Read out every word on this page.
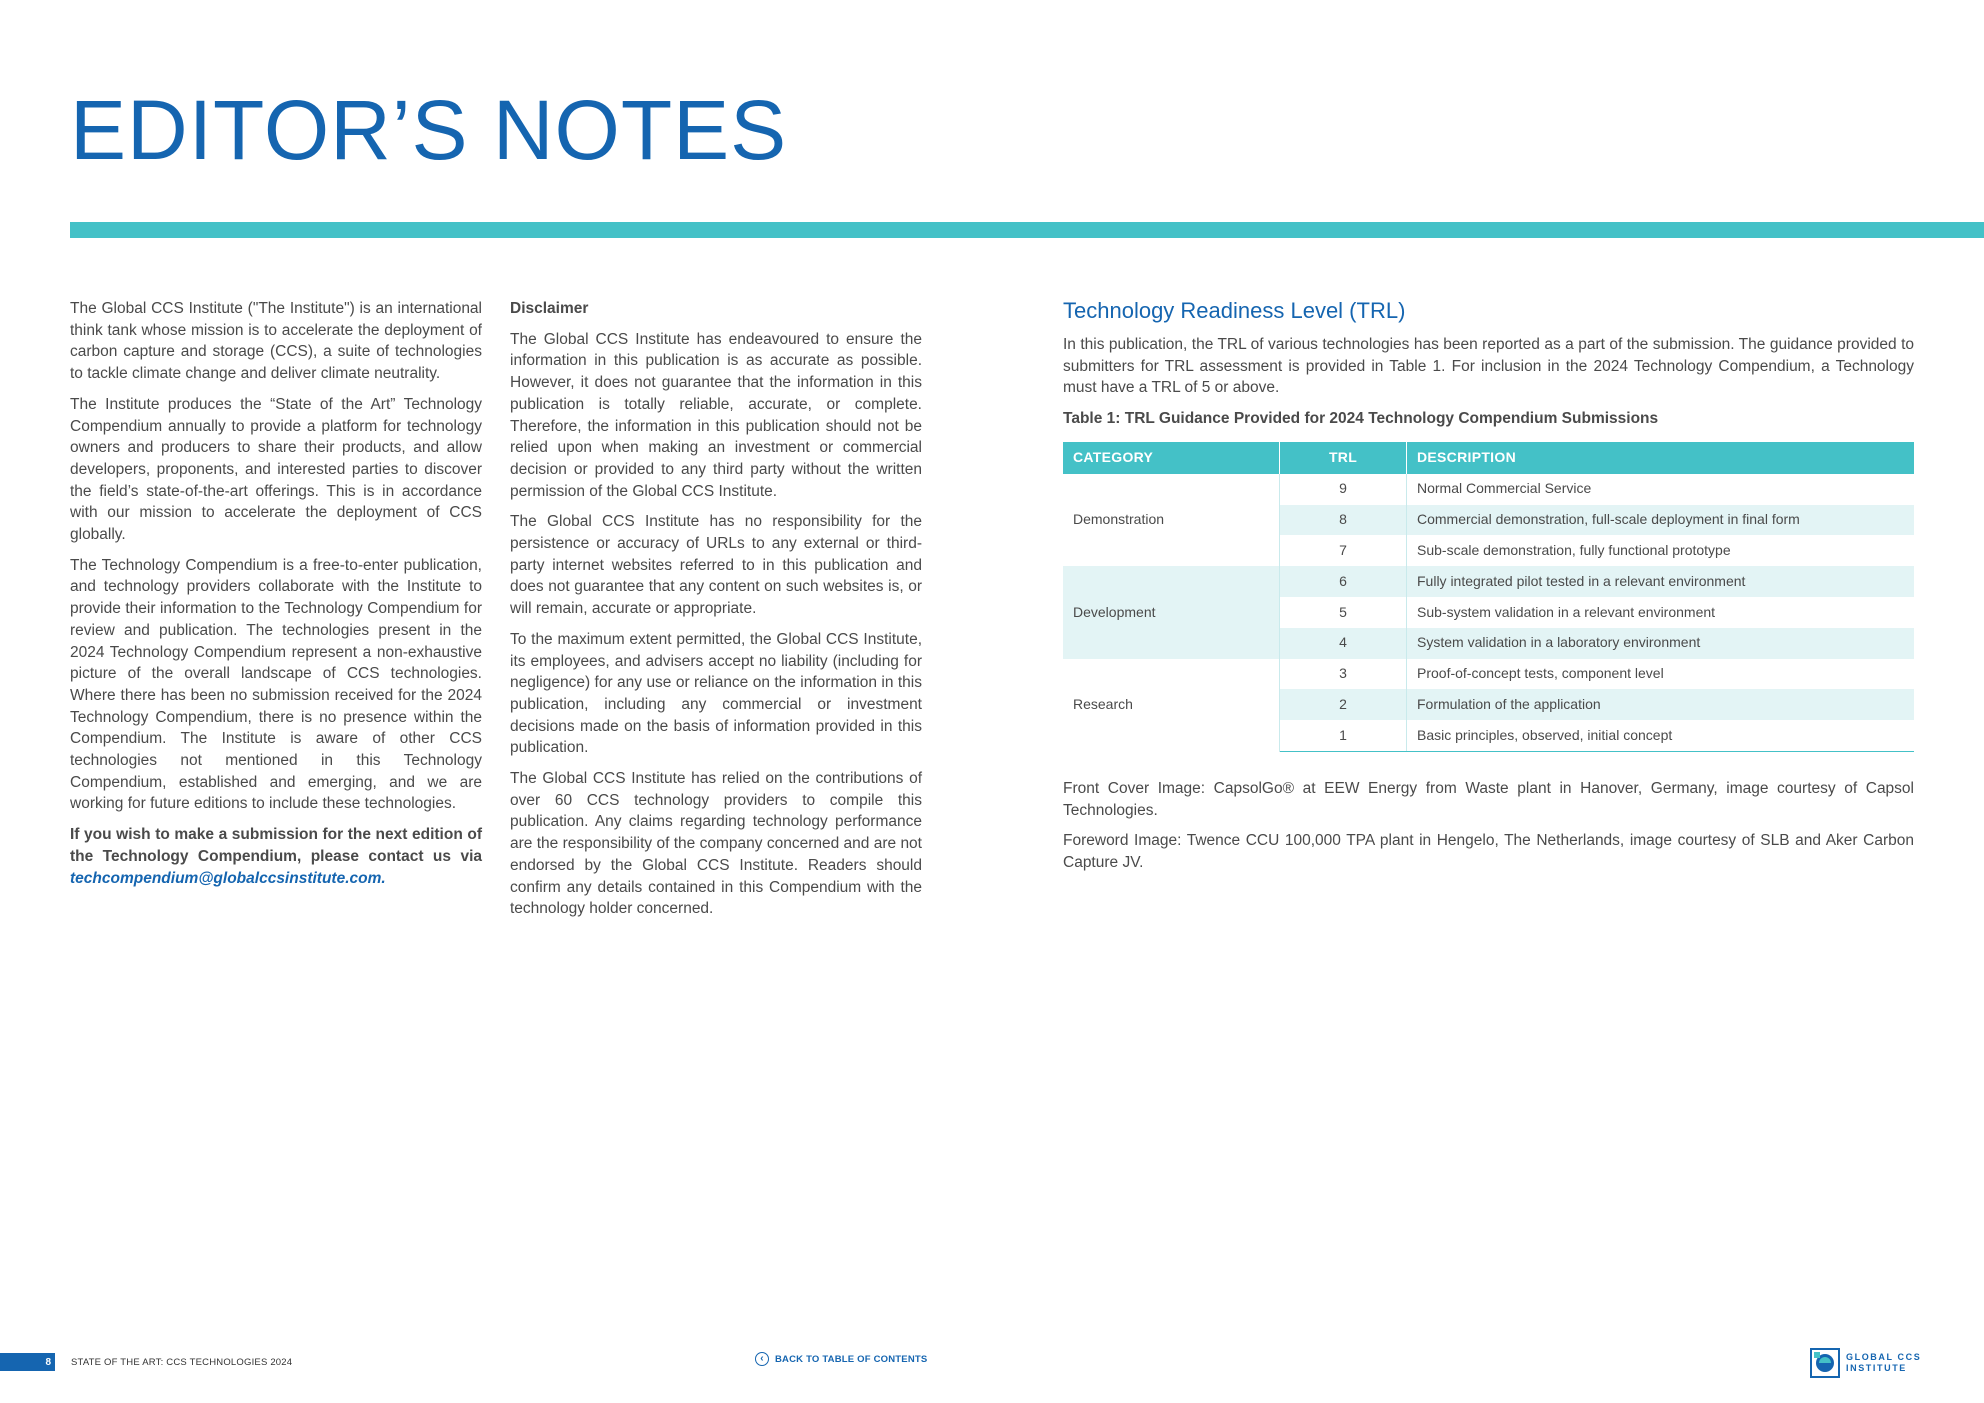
EDITOR’S NOTES

The Global CCS Institute ("The Institute") is an international think tank whose mission is to accelerate the deployment of carbon capture and storage (CCS), a suite of technologies to tackle climate change and deliver climate neutrality.

The Institute produces the “State of the Art” Technology Compendium annually to provide a platform for technology owners and producers to share their products, and allow developers, proponents, and interested parties to discover the field’s state-of-the-art offerings. This is in accordance with our mission to accelerate the deployment of CCS globally.

The Technology Compendium is a free-to-enter publication, and technology providers collaborate with the Institute to provide their information to the Technology Compendium for review and publication. The technologies present in the 2024 Technology Compendium represent a non-exhaustive picture of the overall landscape of CCS technologies. Where there has been no submission received for the 2024 Technology Compendium, there is no presence within the Compendium. The Institute is aware of other CCS technologies not mentioned in this Technology Compendium, established and emerging, and we are working for future editions to include these technologies.

If you wish to make a submission for the next edition of the Technology Compendium, please contact us via techcompendium@globalccsinstitute.com.

Disclaimer

The Global CCS Institute has endeavoured to ensure the information in this publication is as accurate as possible. However, it does not guarantee that the information in this publication is totally reliable, accurate, or complete. Therefore, the information in this publication should not be relied upon when making an investment or commercial decision or provided to any third party without the written permission of the Global CCS Institute.

The Global CCS Institute has no responsibility for the persistence or accuracy of URLs to any external or third-party internet websites referred to in this publication and does not guarantee that any content on such websites is, or will remain, accurate or appropriate.

To the maximum extent permitted, the Global CCS Institute, its employees, and advisers accept no liability (including for negligence) for any use or reliance on the information in this publication, including any commercial or investment decisions made on the basis of information provided in this publication.

The Global CCS Institute has relied on the contributions of over 60 CCS technology providers to compile this publication. Any claims regarding technology performance are the responsibility of the company concerned and are not endorsed by the Global CCS Institute. Readers should confirm any details contained in this Compendium with the technology holder concerned.

Technology Readiness Level (TRL)

In this publication, the TRL of various technologies has been reported as a part of the submission. The guidance provided to submitters for TRL assessment is provided in Table 1. For inclusion in the 2024 Technology Compendium, a Technology must have a TRL of 5 or above.

Table 1: TRL Guidance Provided for 2024 Technology Compendium Submissions
CATEGORY	TRL	DESCRIPTION
Demonstration	9	Normal Commercial Service
	8	Commercial demonstration, full-scale deployment in final form
	7	Sub-scale demonstration, fully functional prototype
Development	6	Fully integrated pilot tested in a relevant environment
	5	Sub-system validation in a relevant environment
	4	System validation in a laboratory environment
Research	3	Proof-of-concept tests, component level
	2	Formulation of the application
	1	Basic principles, observed, initial concept

Front Cover Image: CapsolGo® at EEW Energy from Waste plant in Hanover, Germany, image courtesy of Capsol Technologies.

Foreword Image: Twence CCU 100,000 TPA plant in Hengelo, The Netherlands, image courtesy of SLB and Aker Carbon Capture JV.

8	STATE OF THE ART: CCS TECHNOLOGIES 2024	‹	BACK TO TABLE OF CONTENTS	GLOBAL CCS
INSTITUTE
